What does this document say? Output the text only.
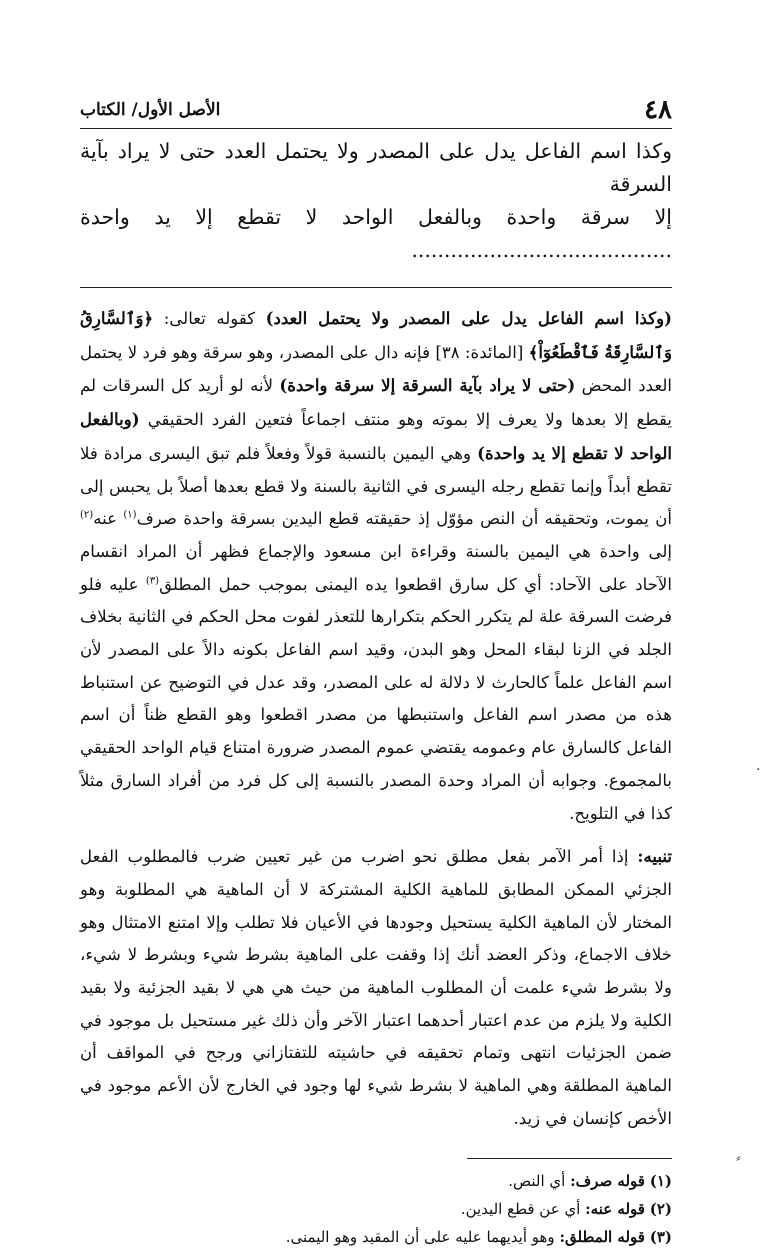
الأصل الأول/ الكتاب	٤٨

وكذا اسم الفاعل يدل على المصدر ولا يحتمل العدد حتى لا يراد بآية السرقة

إلا سرقة واحدة وبالفعل الواحد لا تقطع إلا يد واحدة ........................................

(وكذا اسم الفاعل يدل على المصدر ولا يحتمل العدد) كقوله تعالى: ﴿وَٱلسَّارِقُ وَٱلسَّارِقَةُ فَٱقْطَعُوٓاْ﴾ [المائدة: ٣٨] فإنه دال على المصدر، وهو سرقة وهو فرد لا يحتمل العدد المحض (حتى لا يراد بآية السرقة إلا سرقة واحدة) لأنه لو أريد كل السرقات لم يقطع إلا بعدها ولا يعرف إلا بموته وهو منتف اجماعاً فتعين الفرد الحقيقي (وبالفعل الواحد لا تقطع إلا يد واحدة) وهي اليمين بالنسبة قولاً وفعلاً فلم تبق اليسرى مرادة فلا تقطع أبداً وإنما تقطع رجله اليسرى في الثانية بالسنة ولا قطع بعدها أصلاً بل يحبس إلى أن يموت، وتحقيقه أن النص مؤوّل إذ حقيقته قطع اليدين بسرقة واحدة صرف$^{(١)}$ عنه$^{(٢)}$ إلى واحدة هي اليمين بالسنة وقراءة ابن مسعود والإجماع فظهر أن المراد انقسام الآحاد على الآحاد: أي كل سارق اقطعوا يده اليمنى بموجب حمل المطلق$^{(٣)}$ عليه فلو فرضت السرقة علة لم يتكرر الحكم بتكرارها للتعذر لفوت محل الحكم في الثانية بخلاف الجلد في الزنا لبقاء المحل وهو البدن، وقيد اسم الفاعل بكونه دالاً على المصدر لأن اسم الفاعل علماً كالحارث لا دلالة له على المصدر، وقد عدل في التوضيح عن استنباط هذه من مصدر اسم الفاعل واستنبطها من مصدر اقطعوا وهو القطع ظناً أن اسم الفاعل كالسارق عام وعمومه يقتضي عموم المصدر ضرورة امتناع قيام الواحد الحقيقي بالمجموع. وجوابه أن المراد وحدة المصدر بالنسبة إلى كل فرد من أفراد السارق مثلاً كذا في التلويح.

تنبيه: إذا أمر الآمر بفعل مطلق نحو اضرب من غير تعيين ضرب فالمطلوب الفعل الجزئي الممكن المطابق للماهية الكلية المشتركة لا أن الماهية هي المطلوبة وهو المختار لأن الماهية الكلية يستحيل وجودها في الأعيان فلا تطلب وإلا امتنع الامتثال وهو خلاف الاجماع، وذكر العضد أنك إذا وقفت على الماهية بشرط شيء وبشرط لا شيء، ولا بشرط شيء علمت أن المطلوب الماهية من حيث هي هي لا بقيد الجزئية ولا بقيد الكلية ولا يلزم من عدم اعتبار أحدهما اعتبار الآخر وأن ذلك غير مستحيل بل موجود في ضمن الجزئيات انتهى وتمام تحقيقه في حاشيته للتفتازاني ورجح في المواقف أن الماهية المطلقة وهي الماهية لا بشرط شيء لها وجود في الخارج لأن الأعم موجود في الأخص كإنسان في زيد.

(١) قوله صرف: أي النص.

(٢) قوله عنه: أي عن قطع اليدين.

(٣) قوله المطلق: وهو أيديهما عليه على أن المقيد وهو اليمنى.

·
⸗
